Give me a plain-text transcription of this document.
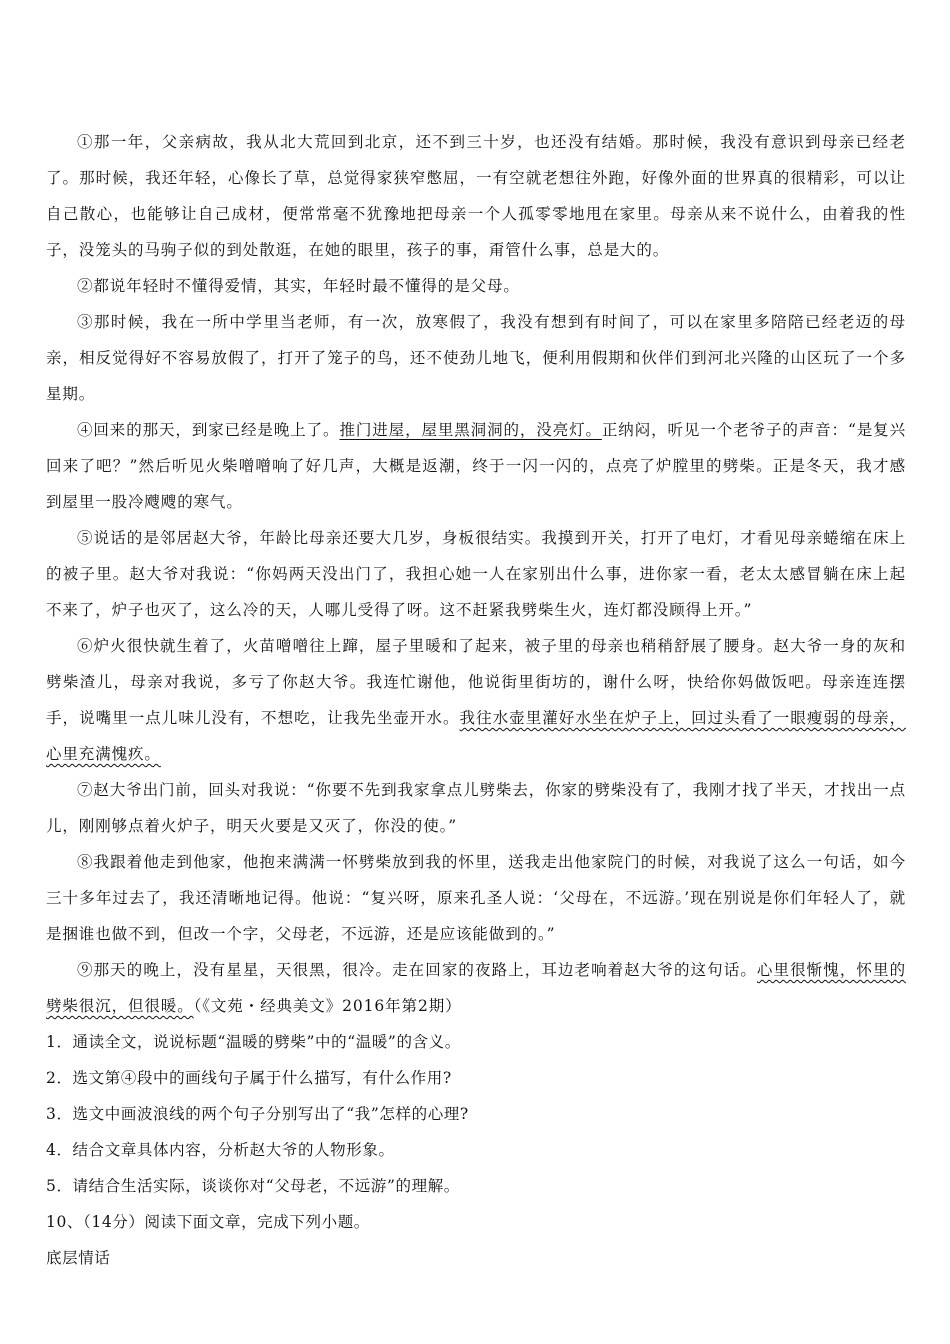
①那一年，父亲病故，我从北大荒回到北京，还不到三十岁，也还没有结婚。那时候，我没有意识到母亲已经老了。那时候，我还年轻，心像长了草，总觉得家狭窄憋屈，一有空就老想往外跑，好像外面的世界真的很精彩，可以让自己散心，也能够让自己成材，便常常毫不犹豫地把母亲一个人孤零零地甩在家里。母亲从来不说什么，由着我的性子，没笼头的马驹子似的到处散逛，在她的眼里，孩子的事，甭管什么事，总是大的。

②都说年轻时不懂得爱情，其实，年轻时最不懂得的是父母。

③那时候，我在一所中学里当老师，有一次，放寒假了，我没有想到有时间了，可以在家里多陪陪已经老迈的母亲，相反觉得好不容易放假了，打开了笼子的鸟，还不使劲儿地飞，便利用假期和伙伴们到河北兴隆的山区玩了一个多星期。

④回来的那天，到家已经是晚上了。推门进屋，屋里黑洞洞的，没亮灯。正纳闷，听见一个老爷子的声音：“是复兴回来了吧？”然后听见火柴噌噌响了好几声，大概是返潮，终于一闪一闪的，点亮了炉膛里的劈柴。正是冬天，我才感到屋里一股冷飕飕的寒气。

⑤说话的是邻居赵大爷，年龄比母亲还要大几岁，身板很结实。我摸到开关，打开了电灯，才看见母亲蜷缩在床上的被子里。赵大爷对我说：“你妈两天没出门了，我担心她一人在家别出什么事，进你家一看，老太太感冒躺在床上起不来了，炉子也灭了，这么冷的天，人哪儿受得了呀。这不赶紧我劈柴生火，连灯都没顾得上开。”

⑥炉火很快就生着了，火苗噌噌往上蹿，屋子里暖和了起来，被子里的母亲也稍稍舒展了腰身。赵大爷一身的灰和劈柴渣儿，母亲对我说，多亏了你赵大爷。我连忙谢他，他说街里街坊的，谢什么呀，快给你妈做饭吧。母亲连连摆手，说嘴里一点儿味儿没有，不想吃，让我先坐壶开水。我往水壶里灌好水坐在炉子上，回过头看了一眼瘦弱的母亲，心里充满愧疚。

⑦赵大爷出门前，回头对我说：“你要不先到我家拿点儿劈柴去，你家的劈柴没有了，我刚才找了半天，才找出一点儿，刚刚够点着火炉子，明天火要是又灭了，你没的使。”

⑧我跟着他走到他家，他抱来满满一怀劈柴放到我的怀里，送我走出他家院门的时候，对我说了这么一句话，如今三十多年过去了，我还清晰地记得。他说：“复兴呀，原来孔圣人说：‘父母在，不远游。’现在别说是你们年轻人了，就是捆谁也做不到，但改一个字，父母老，不远游，还是应该能做到的。”

⑨那天的晚上，没有星星，天很黑，很冷。走在回家的夜路上，耳边老响着赵大爷的这句话。心里很惭愧，怀里的劈柴很沉，但很暖。（《文苑・经典美文》2016年第2期）

1．通读全文，说说标题“温暖的劈柴”中的“温暖”的含义。

2．选文第④段中的画线句子属于什么描写，有什么作用?

3．选文中画波浪线的两个句子分别写出了“我”怎样的心理?

4．结合文章具体内容，分析赵大爷的人物形象。

5．请结合生活实际，谈谈你对“父母老，不远游”的理解。

10、（14分）阅读下面文章，完成下列小题。

底层情话
